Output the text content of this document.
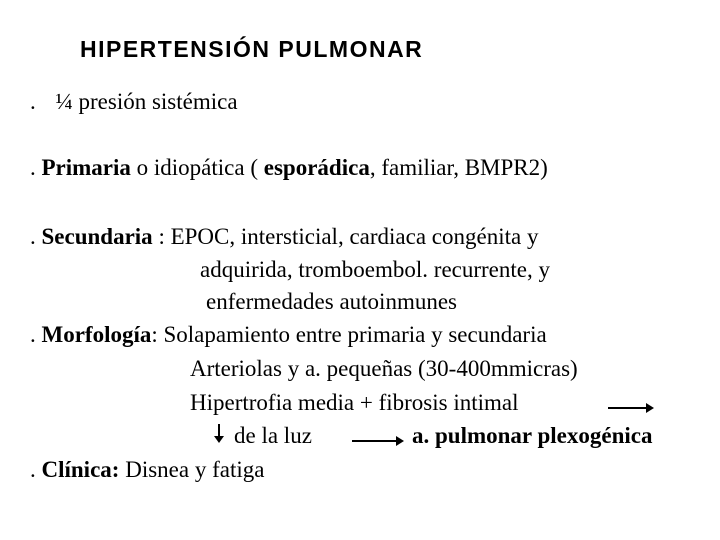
HIPERTENSIÓN PULMONAR
. ¼ presión sistémica
. Primaria o idiopática ( esporádica, familiar, BMPR2)
. Secundaria : EPOC, intersticial, cardiaca congénita y
adquirida, tromboembol. recurrente, y
enfermedades autoinmunes
. Morfología: Solapamiento entre primaria y secundaria
Arteriolas y a. pequeñas (30-400mmicras)
Hipertrofia media + fibrosis intimal
de la luz	a. pulmonar plexogénica
. Clínica: Disnea y fatiga
